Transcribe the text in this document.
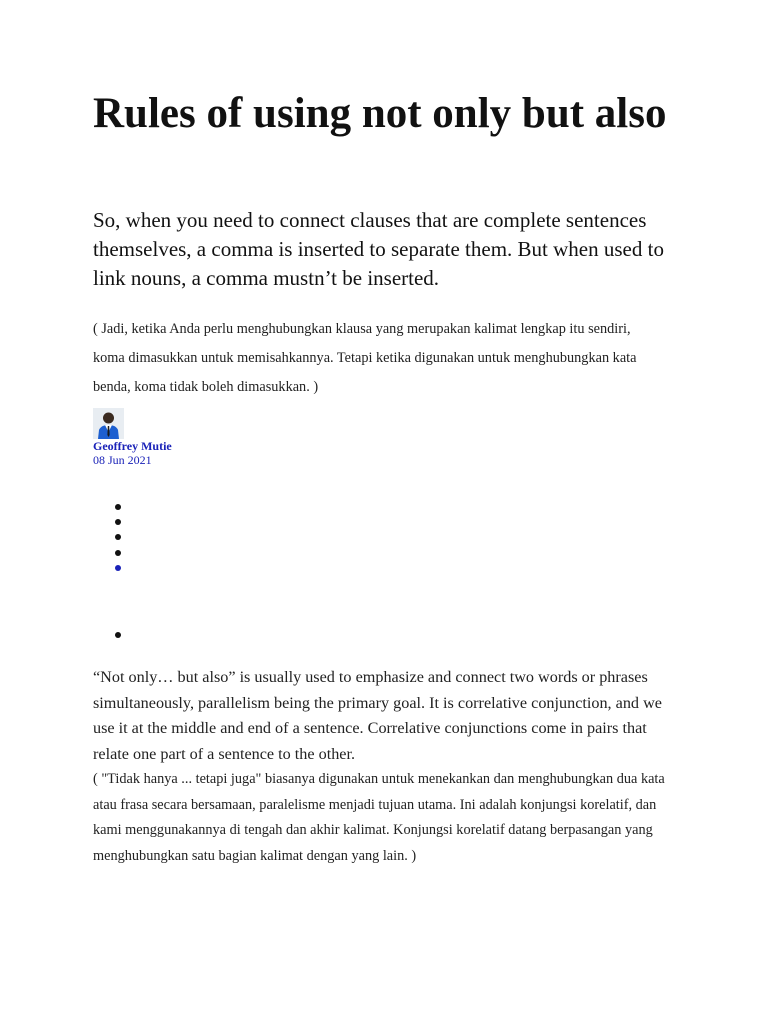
Rules of using not only but also

So, when you need to connect clauses that are complete sentences themselves, a comma is inserted to separate them. But when used to link nouns, a comma mustn’t be inserted.

( Jadi, ketika Anda perlu menghubungkan klausa yang merupakan kalimat lengkap itu sendiri, koma dimasukkan untuk memisahkannya. Tetapi ketika digunakan untuk menghubungkan kata benda, koma tidak boleh dimasukkan. )

Geoffrey Mutie
08 Jun 2021

“Not only… but also” is usually used to emphasize and connect two words or phrases simultaneously, parallelism being the primary goal. It is correlative conjunction, and we use it at the middle and end of a sentence. Correlative conjunctions come in pairs that relate one part of a sentence to the other.

( "Tidak hanya ... tetapi juga" biasanya digunakan untuk menekankan dan menghubungkan dua kata atau frasa secara bersamaan, paralelisme menjadi tujuan utama. Ini adalah konjungsi korelatif, dan kami menggunakannya di tengah dan akhir kalimat. Konjungsi korelatif datang berpasangan yang menghubungkan satu bagian kalimat dengan yang lain. )
